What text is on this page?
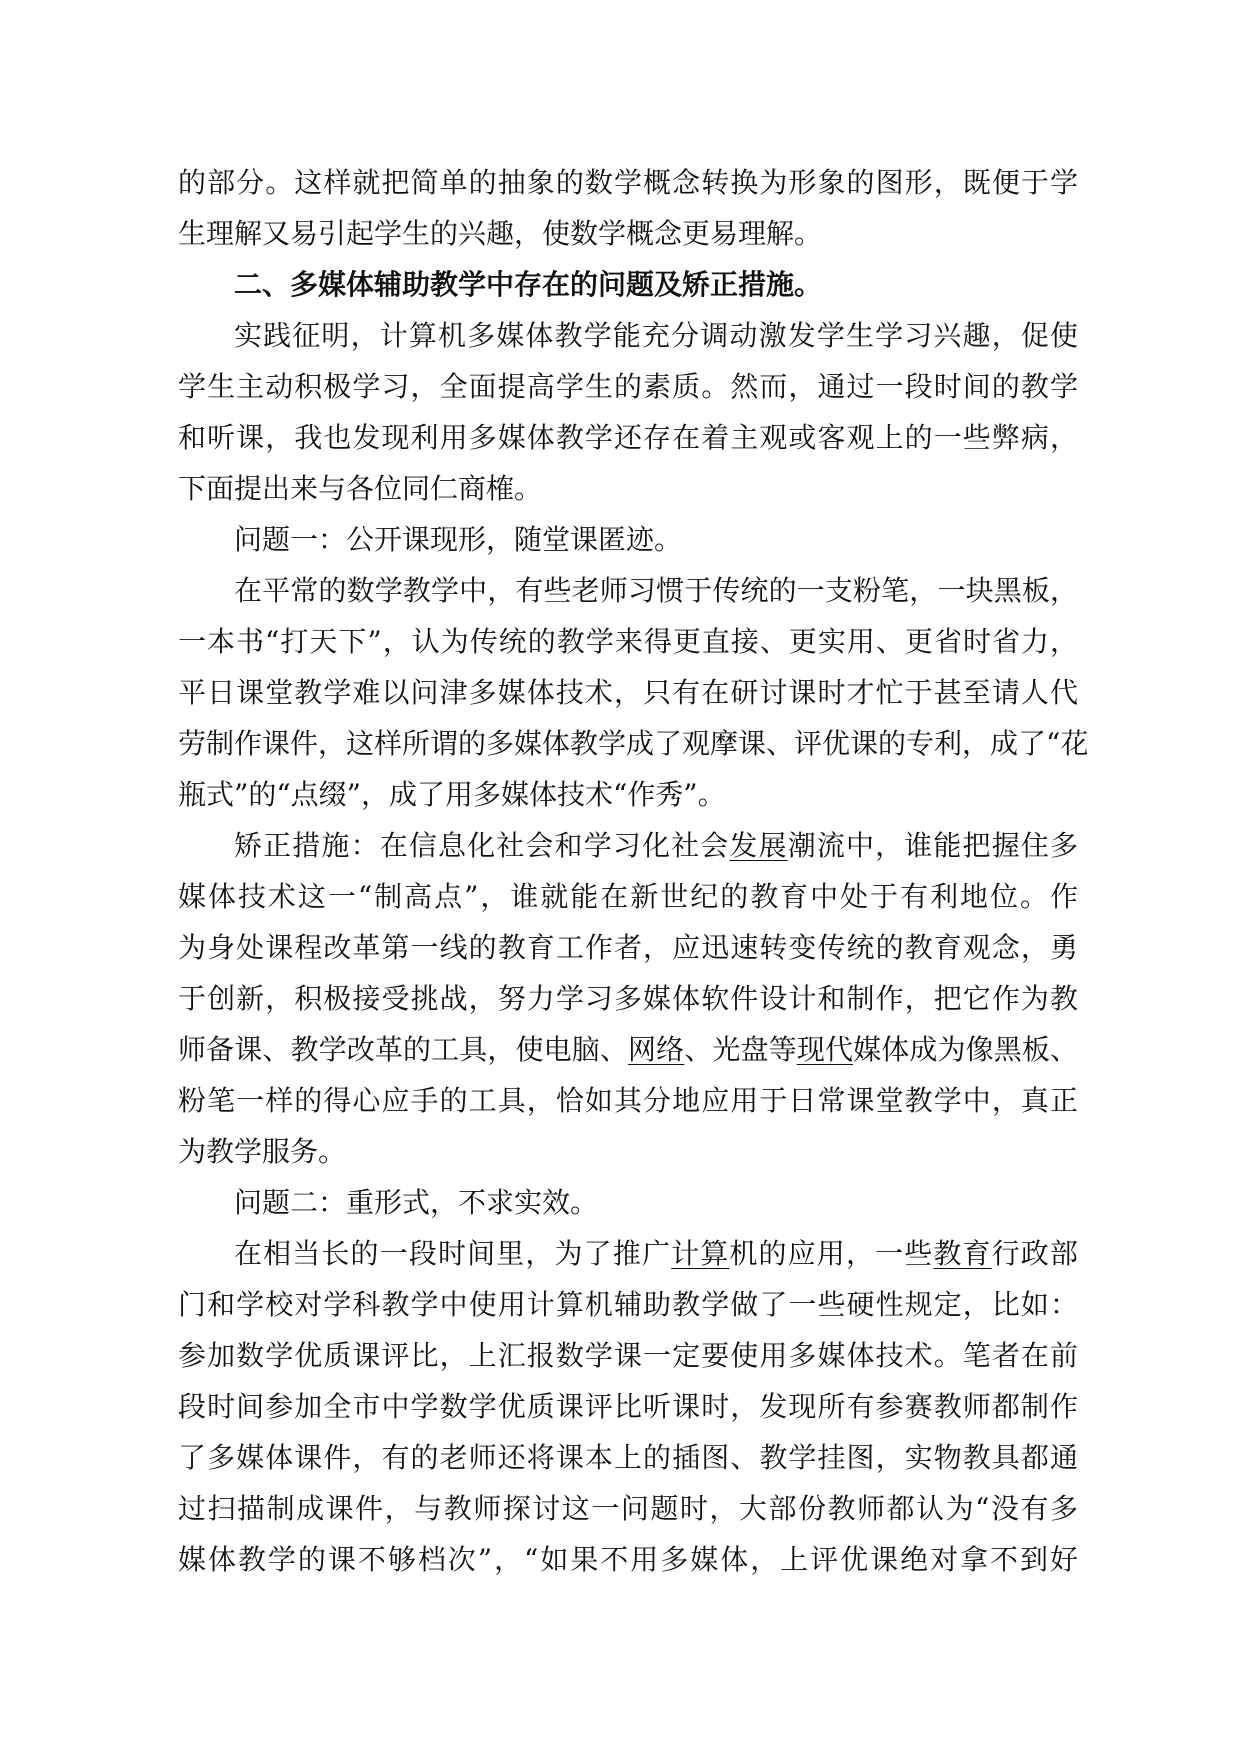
的部分。这样就把简单的抽象的数学概念转换为形象的图形，既便于学
生理解又易引起学生的兴趣，使数学概念更易理解。
二、多媒体辅助教学中存在的问题及矫正措施。
实践征明，计算机多媒体教学能充分调动激发学生学习兴趣，促使
学生主动积极学习，全面提高学生的素质。然而，通过一段时间的教学
和听课，我也发现利用多媒体教学还存在着主观或客观上的一些弊病，
下面提出来与各位同仁商榷。
问题一：公开课现形，随堂课匿迹。
在平常的数学教学中，有些老师习惯于传统的一支粉笔，一块黑板，
一本书“打天下”，认为传统的教学来得更直接、更实用、更省时省力，
平日课堂教学难以问津多媒体技术，只有在研讨课时才忙于甚至请人代
劳制作课件，这样所谓的多媒体教学成了观摩课、评优课的专利，成了“花
瓶式”的“点缀”，成了用多媒体技术“作秀”。
矫正措施：在信息化社会和学习化社会发展潮流中，谁能把握住多
媒体技术这一“制高点”，谁就能在新世纪的教育中处于有利地位。作
为身处课程改革第一线的教育工作者，应迅速转变传统的教育观念，勇
于创新，积极接受挑战，努力学习多媒体软件设计和制作，把它作为教
师备课、教学改革的工具，使电脑、网络、光盘等现代媒体成为像黑板、
粉笔一样的得心应手的工具，恰如其分地应用于日常课堂教学中，真正
为教学服务。
问题二：重形式，不求实效。
在相当长的一段时间里，为了推广计算机的应用，一些教育行政部
门和学校对学科教学中使用计算机辅助教学做了一些硬性规定，比如：
参加数学优质课评比，上汇报数学课一定要使用多媒体技术。笔者在前
段时间参加全市中学数学优质课评比听课时，发现所有参赛教师都制作
了多媒体课件，有的老师还将课本上的插图、教学挂图，实物教具都通
过扫描制成课件，与教师探讨这一问题时，大部份教师都认为“没有多
媒体教学的课不够档次”，“如果不用多媒体，上评优课绝对拿不到好
